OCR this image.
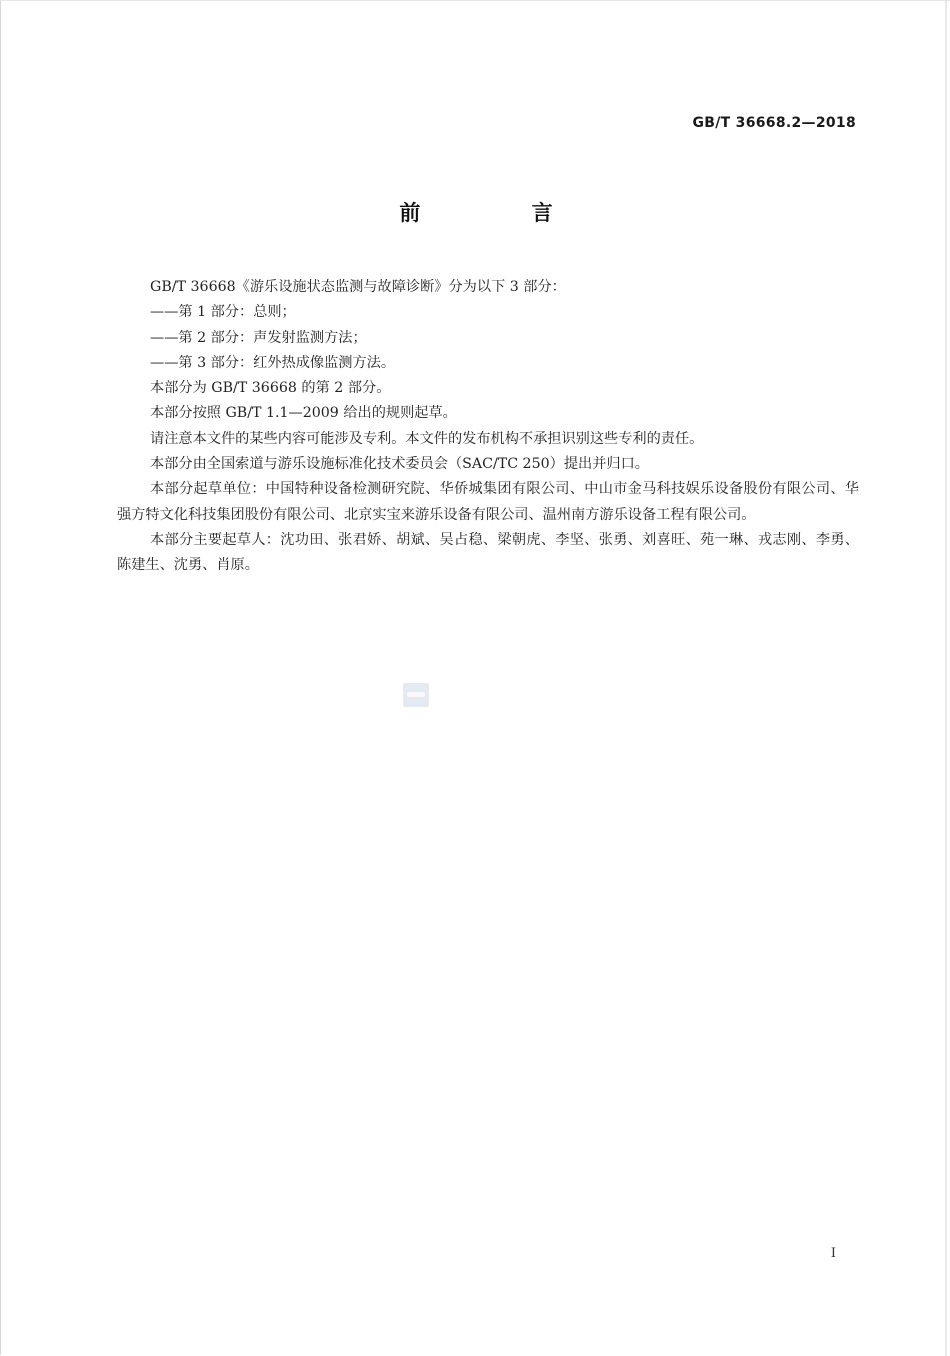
GB/T 36668.2—2018
前 言

GB/T 36668《游乐设施状态监测与故障诊断》分为以下 3 部分：

——第 1 部分：总则；

——第 2 部分：声发射监测方法；

——第 3 部分：红外热成像监测方法。

本部分为 GB/T 36668 的第 2 部分。

本部分按照 GB/T 1.1—2009 给出的规则起草。

请注意本文件的某些内容可能涉及专利。本文件的发布机构不承担识别这些专利的责任。

本部分由全国索道与游乐设施标准化技术委员会（SAC/TC 250）提出并归口。

本部分起草单位：中国特种设备检测研究院、华侨城集团有限公司、中山市金马科技娱乐设备股份有限公司、华强方特文化科技集团股份有限公司、北京实宝来游乐设备有限公司、温州南方游乐设备工程有限公司。

本部分主要起草人：沈功田、张君娇、胡斌、吴占稳、梁朝虎、李坚、张勇、刘喜旺、苑一琳、戎志刚、李勇、陈建生、沈勇、肖原。

I
